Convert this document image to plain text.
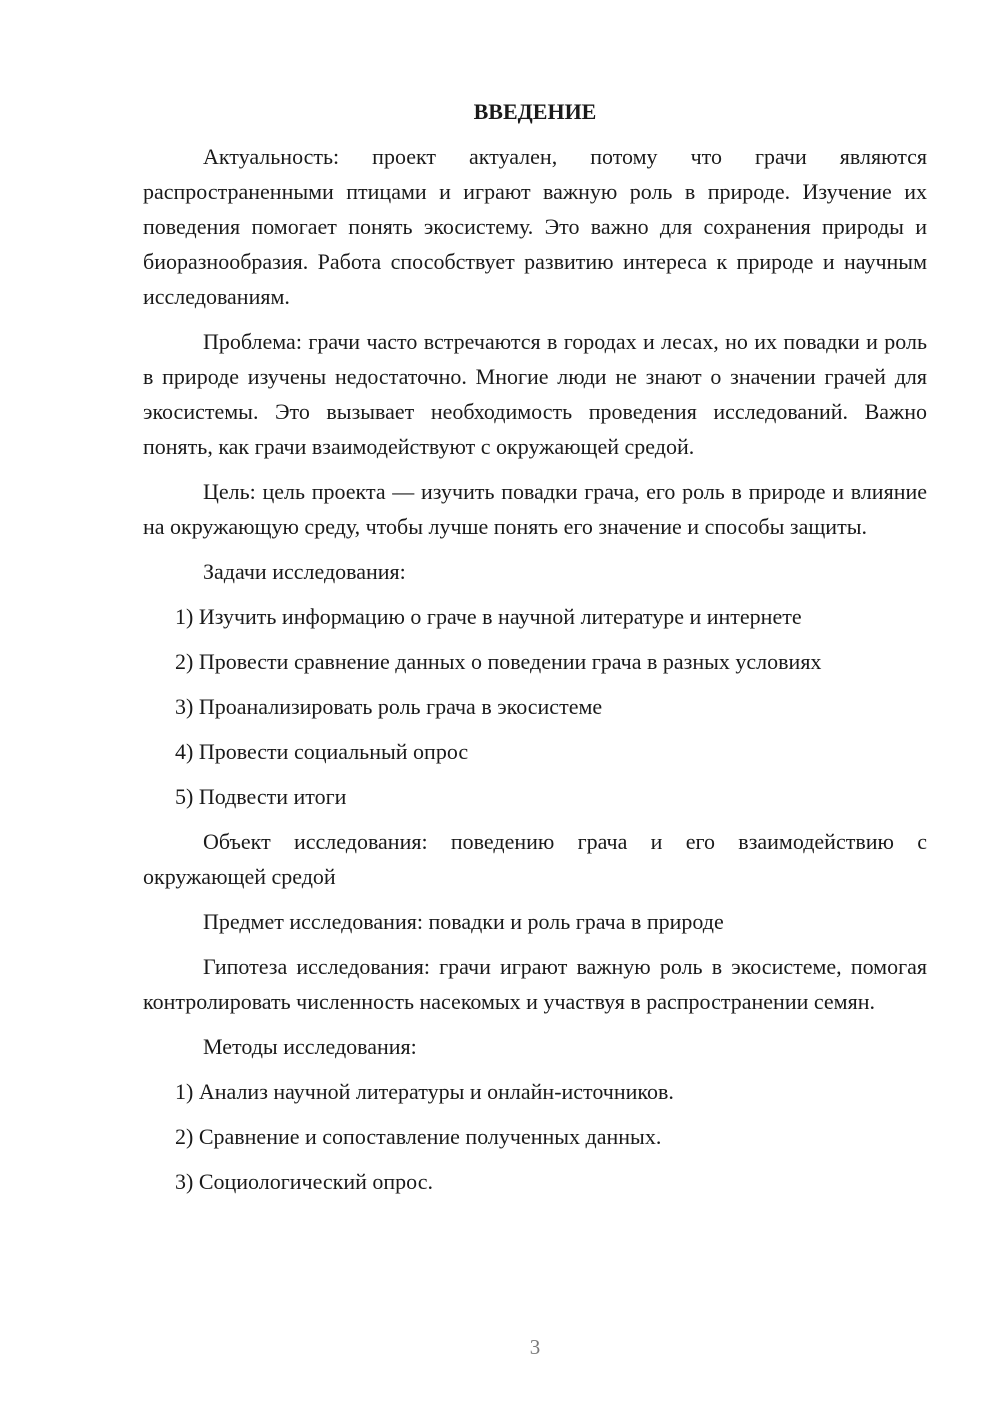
ВВЕДЕНИЕ

Актуальность: проект актуален, потому что грачи являются распространенными птицами и играют важную роль в природе. Изучение их поведения помогает понять экосистему. Это важно для сохранения природы и биоразнообразия. Работа способствует развитию интереса к природе и научным исследованиям.

Проблема: грачи часто встречаются в городах и лесах, но их повадки и роль в природе изучены недостаточно. Многие люди не знают о значении грачей для экосистемы. Это вызывает необходимость проведения исследований. Важно понять, как грачи взаимодействуют с окружающей средой.

Цель: цель проекта — изучить повадки грача, его роль в природе и влияние на окружающую среду, чтобы лучше понять его значение и способы защиты.

Задачи исследования:

1) Изучить информацию о граче в научной литературе и интернете
2) Провести сравнение данных о поведении грача в разных условиях
3) Проанализировать роль грача в экосистеме
4) Провести социальный опрос
5) Подвести итоги

Объект исследования: поведению грача и его взаимодействию с окружающей средой

Предмет исследования: повадки и роль грача в природе

Гипотеза исследования: грачи играют важную роль в экосистеме, помогая контролировать численность насекомых и участвуя в распространении семян.

Методы исследования:

1) Анализ научной литературы и онлайн-источников.
2) Сравнение и сопоставление полученных данных.
3) Социологический опрос.
3
